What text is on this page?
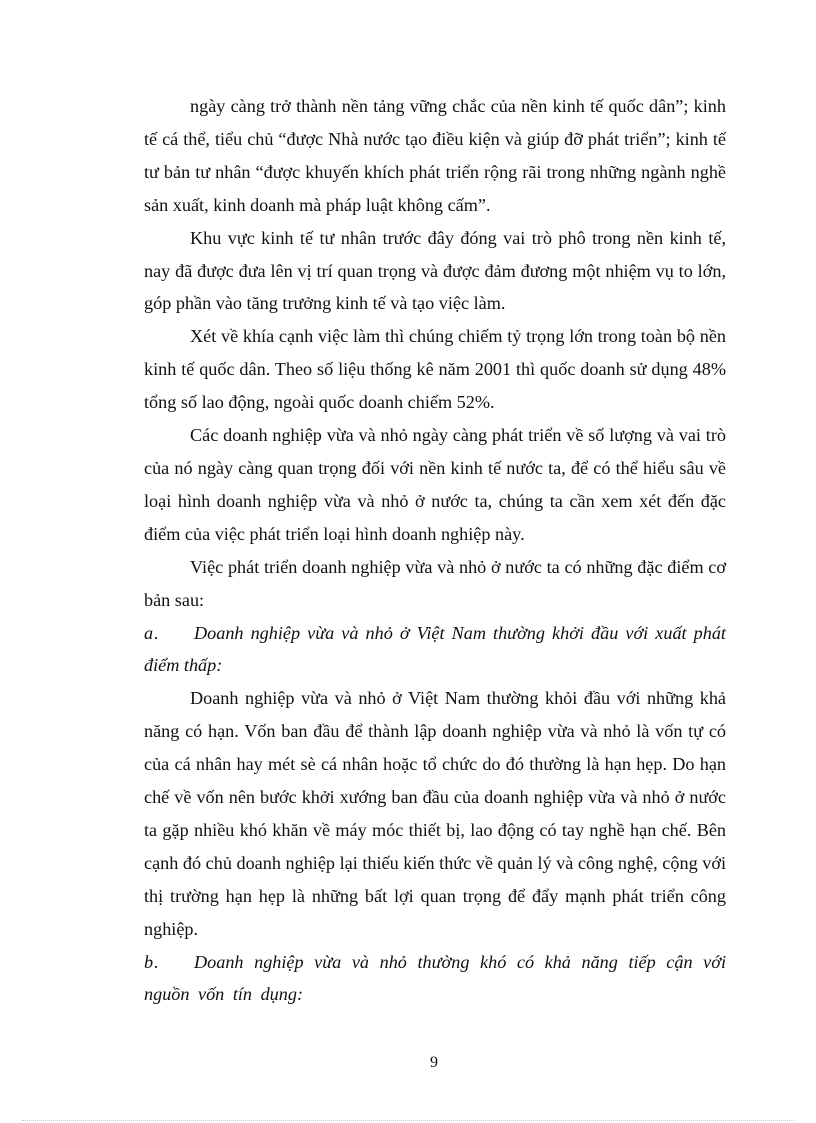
ngày càng trở thành nền tảng vững chắc của nền kinh tế quốc dân”; kinh tế cá thể, tiểu chủ “được Nhà nước tạo điều kiện và giúp đỡ phát triển”; kinh tế tư bản tư nhân “được khuyến khích phát triển rộng rãi trong những ngành nghề sản xuất, kinh doanh mà pháp luật không cấm”.

Khu vực kinh tế tư nhân trước đây đóng vai trò phô trong nền kinh tế, nay đã được đưa lên vị trí quan trọng và được đảm đương một nhiệm vụ to lớn, góp phần vào tăng trưởng kinh tế và tạo việc làm.

Xét về khía cạnh việc làm thì chúng chiếm tỷ trọng lớn trong toàn bộ nền kinh tế quốc dân. Theo số liệu thống kê năm 2001 thì quốc doanh sử dụng 48% tổng số lao động, ngoài quốc doanh chiếm 52%.

Các doanh nghiệp vừa và nhỏ ngày càng phát triển về số lượng và vai trò của nó ngày càng quan trọng đối với nền kinh tế nước ta, để có thể hiểu sâu về loại hình doanh nghiệp vừa và nhỏ ở nước ta, chúng ta cần xem xét đến đặc điểm của việc phát triển loại hình doanh nghiệp này.

Việc phát triển doanh nghiệp vừa và nhỏ ở nước ta có những đặc điểm cơ bản sau:

a. Doanh nghiệp vừa và nhỏ ở Việt Nam thường khởi đầu với xuất phát điểm thấp:

Doanh nghiệp vừa và nhỏ ở Việt Nam thường khỏi đầu với những khả năng có hạn. Vốn ban đầu để thành lập doanh nghiệp vừa và nhỏ là vốn tự có của cá nhân hay mét sè cá nhân hoặc tổ chức do đó thường là hạn hẹp. Do hạn chế về vốn nên bước khởi xướng ban đầu của doanh nghiệp vừa và nhỏ ở nước ta gặp nhiều khó khăn về máy móc thiết bị, lao động có tay nghề hạn chế. Bên cạnh đó chủ doanh nghiệp lại thiếu kiến thức về quản lý và công nghệ, cộng với thị trường hạn hẹp là những bất lợi quan trọng để đẩy mạnh phát triển công nghiệp.

b. Doanh nghiệp vừa và nhỏ thường khó có khả năng tiếp cận với nguồn vốn tín dụng:

9
